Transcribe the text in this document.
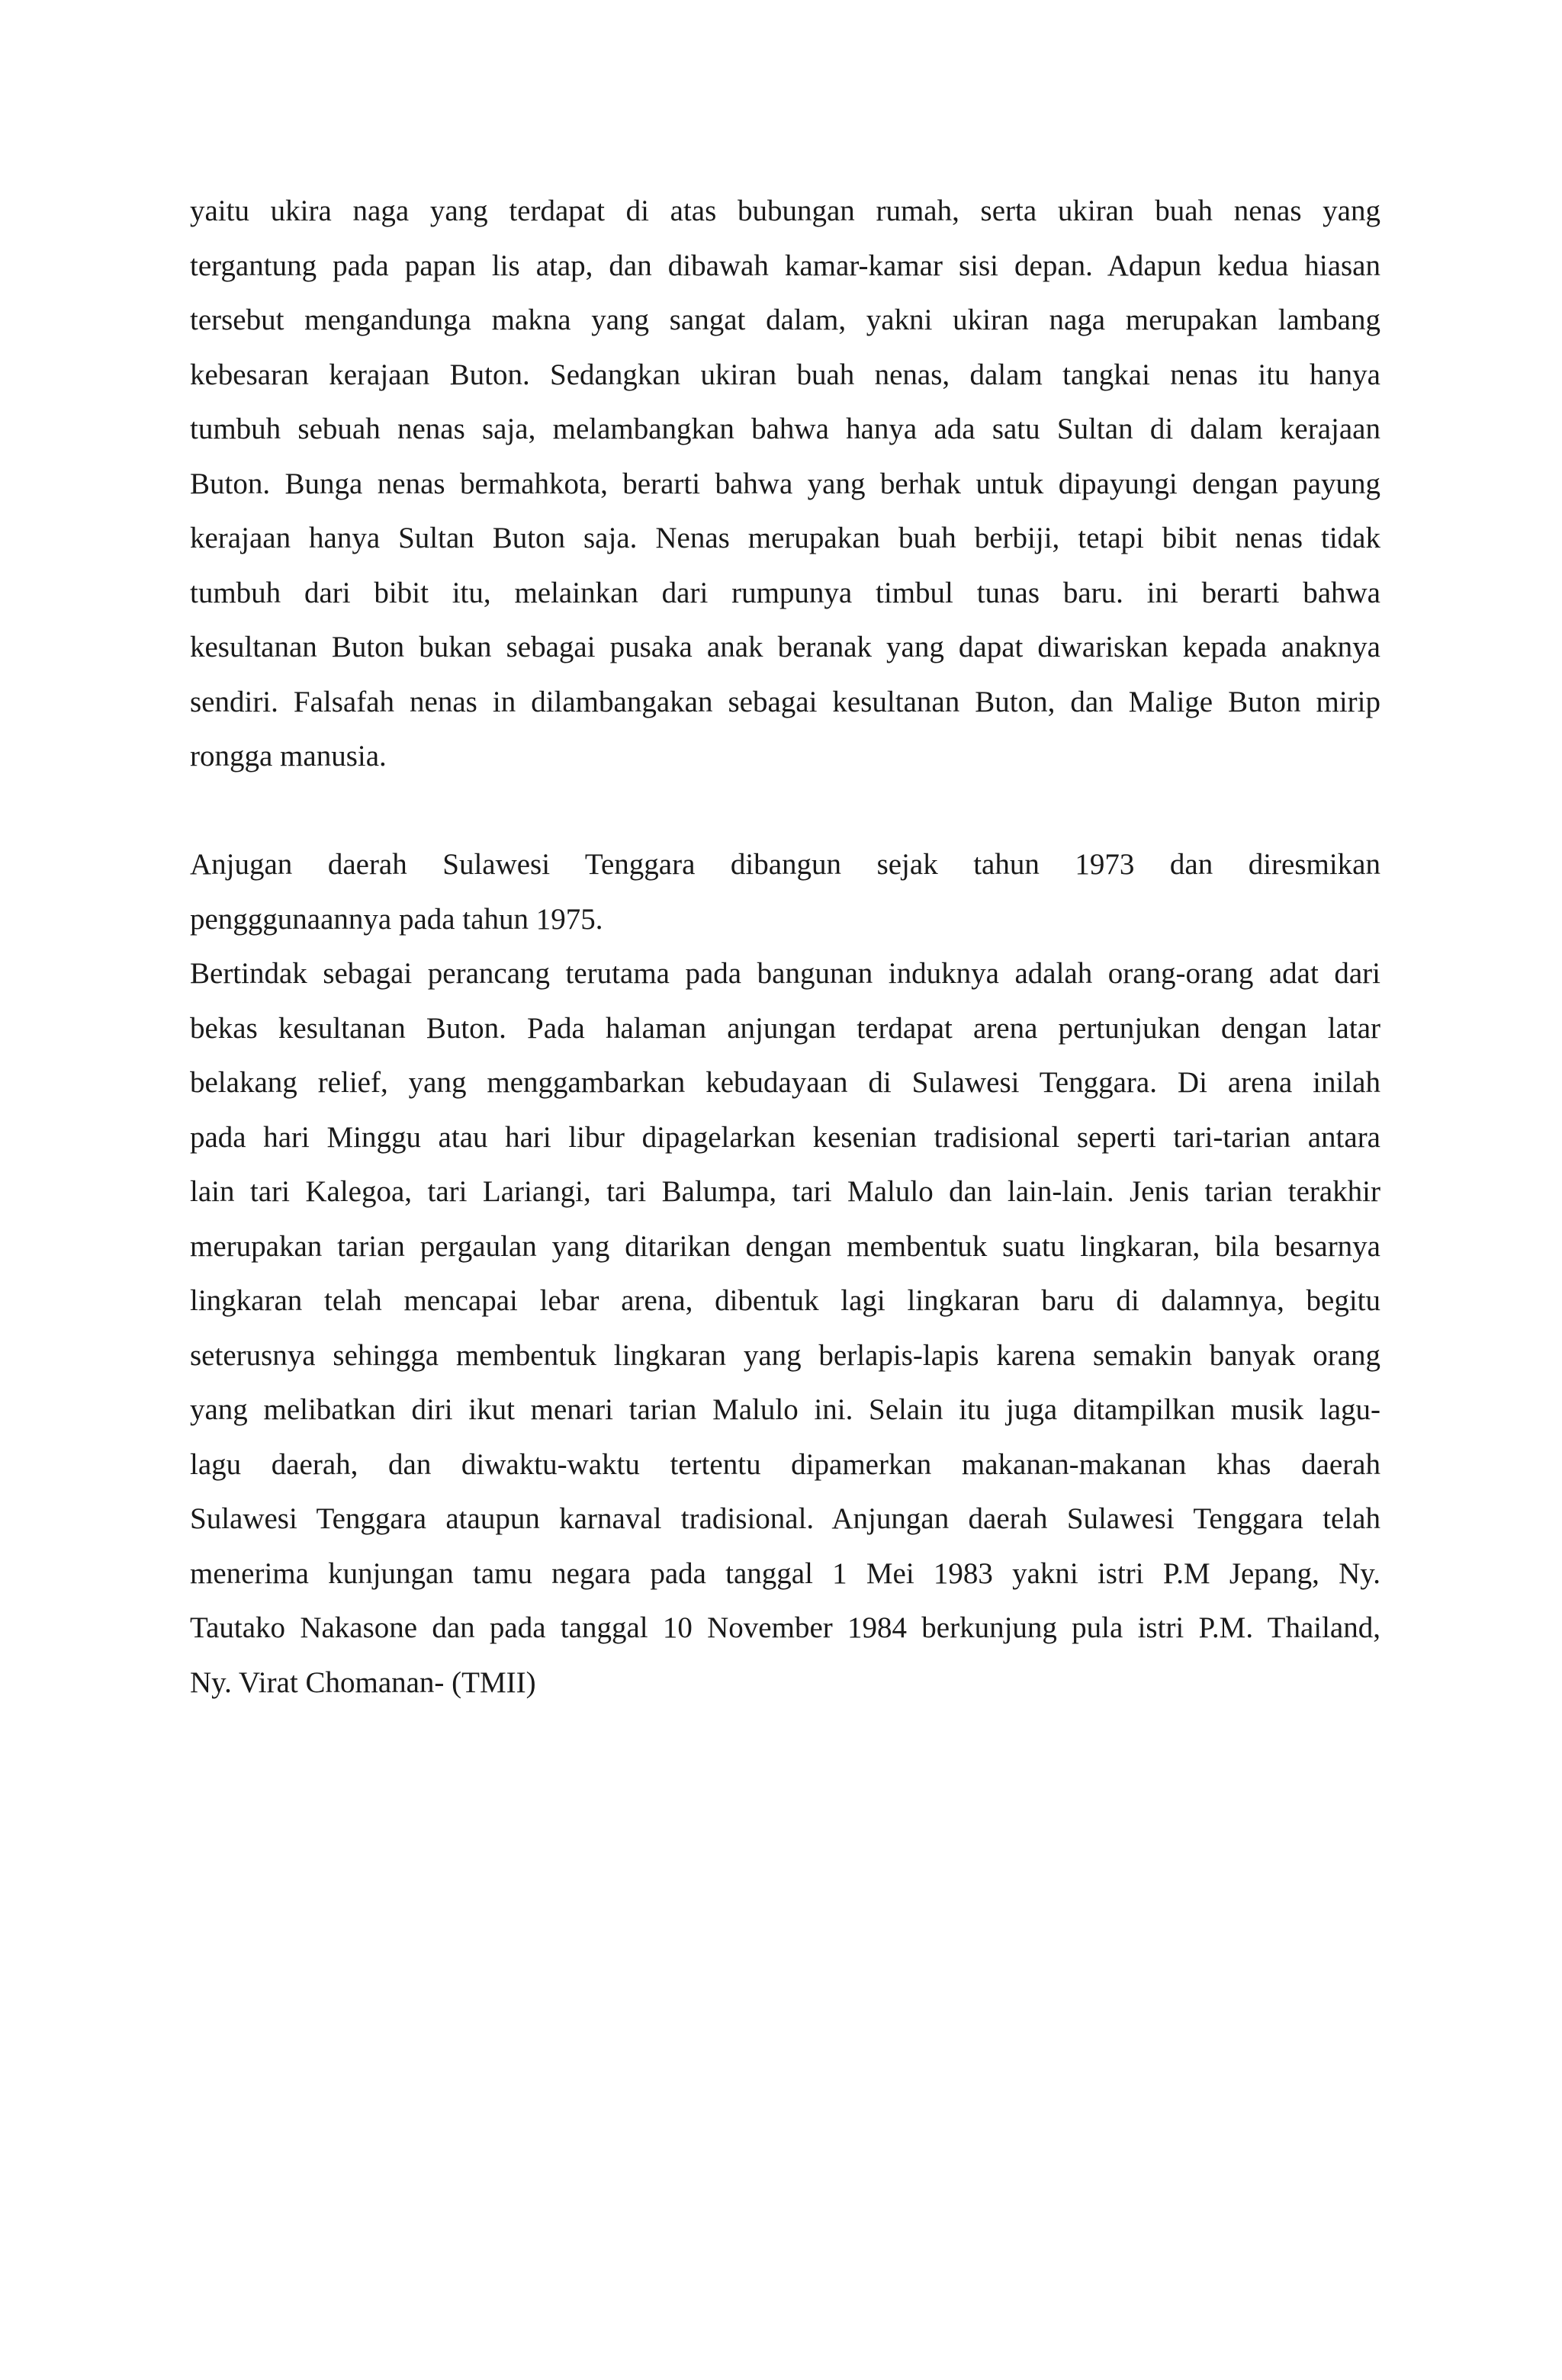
yaitu ukira naga yang terdapat di atas bubungan rumah, serta ukiran buah nenas yang
tergantung pada papan lis atap, dan dibawah kamar-kamar sisi depan. Adapun kedua hiasan
tersebut mengandunga makna yang sangat dalam, yakni ukiran naga merupakan lambang
kebesaran kerajaan Buton. Sedangkan ukiran buah nenas, dalam tangkai nenas itu hanya
tumbuh sebuah nenas saja, melambangkan bahwa hanya ada satu Sultan di dalam kerajaan
Buton. Bunga nenas bermahkota, berarti bahwa yang berhak untuk dipayungi dengan payung
kerajaan hanya Sultan Buton saja. Nenas merupakan buah berbiji, tetapi bibit nenas tidak
tumbuh dari bibit itu, melainkan dari rumpunya timbul tunas baru. ini berarti bahwa
kesultanan Buton bukan sebagai pusaka anak beranak yang dapat diwariskan kepada anaknya
sendiri. Falsafah nenas in dilambangakan sebagai kesultanan Buton, dan Malige Buton mirip
rongga manusia.
Anjugan daerah Sulawesi Tenggara dibangun sejak tahun 1973 dan diresmikan
pengggunaannya pada tahun 1975.
Bertindak sebagai perancang terutama pada bangunan induknya adalah orang-orang adat dari
bekas kesultanan Buton. Pada halaman anjungan terdapat arena pertunjukan dengan latar
belakang relief, yang menggambarkan kebudayaan di Sulawesi Tenggara. Di arena inilah
pada hari Minggu atau hari libur dipagelarkan kesenian tradisional seperti tari-tarian antara
lain tari Kalegoa, tari Lariangi, tari Balumpa, tari Malulo dan lain-lain. Jenis tarian terakhir
merupakan tarian pergaulan yang ditarikan dengan membentuk suatu lingkaran, bila besarnya
lingkaran telah mencapai lebar arena, dibentuk lagi lingkaran baru di dalamnya, begitu
seterusnya sehingga membentuk lingkaran yang berlapis-lapis karena semakin banyak orang
yang melibatkan diri ikut menari tarian Malulo ini. Selain itu juga ditampilkan musik lagu-
lagu daerah, dan diwaktu-waktu tertentu dipamerkan makanan-makanan khas daerah
Sulawesi Tenggara ataupun karnaval tradisional. Anjungan daerah Sulawesi Tenggara telah
menerima kunjungan tamu negara pada tanggal 1 Mei 1983 yakni istri P.M Jepang, Ny.
Tautako Nakasone dan pada tanggal 10 November 1984 berkunjung pula istri P.M. Thailand,
Ny. Virat Chomanan- (TMII)
